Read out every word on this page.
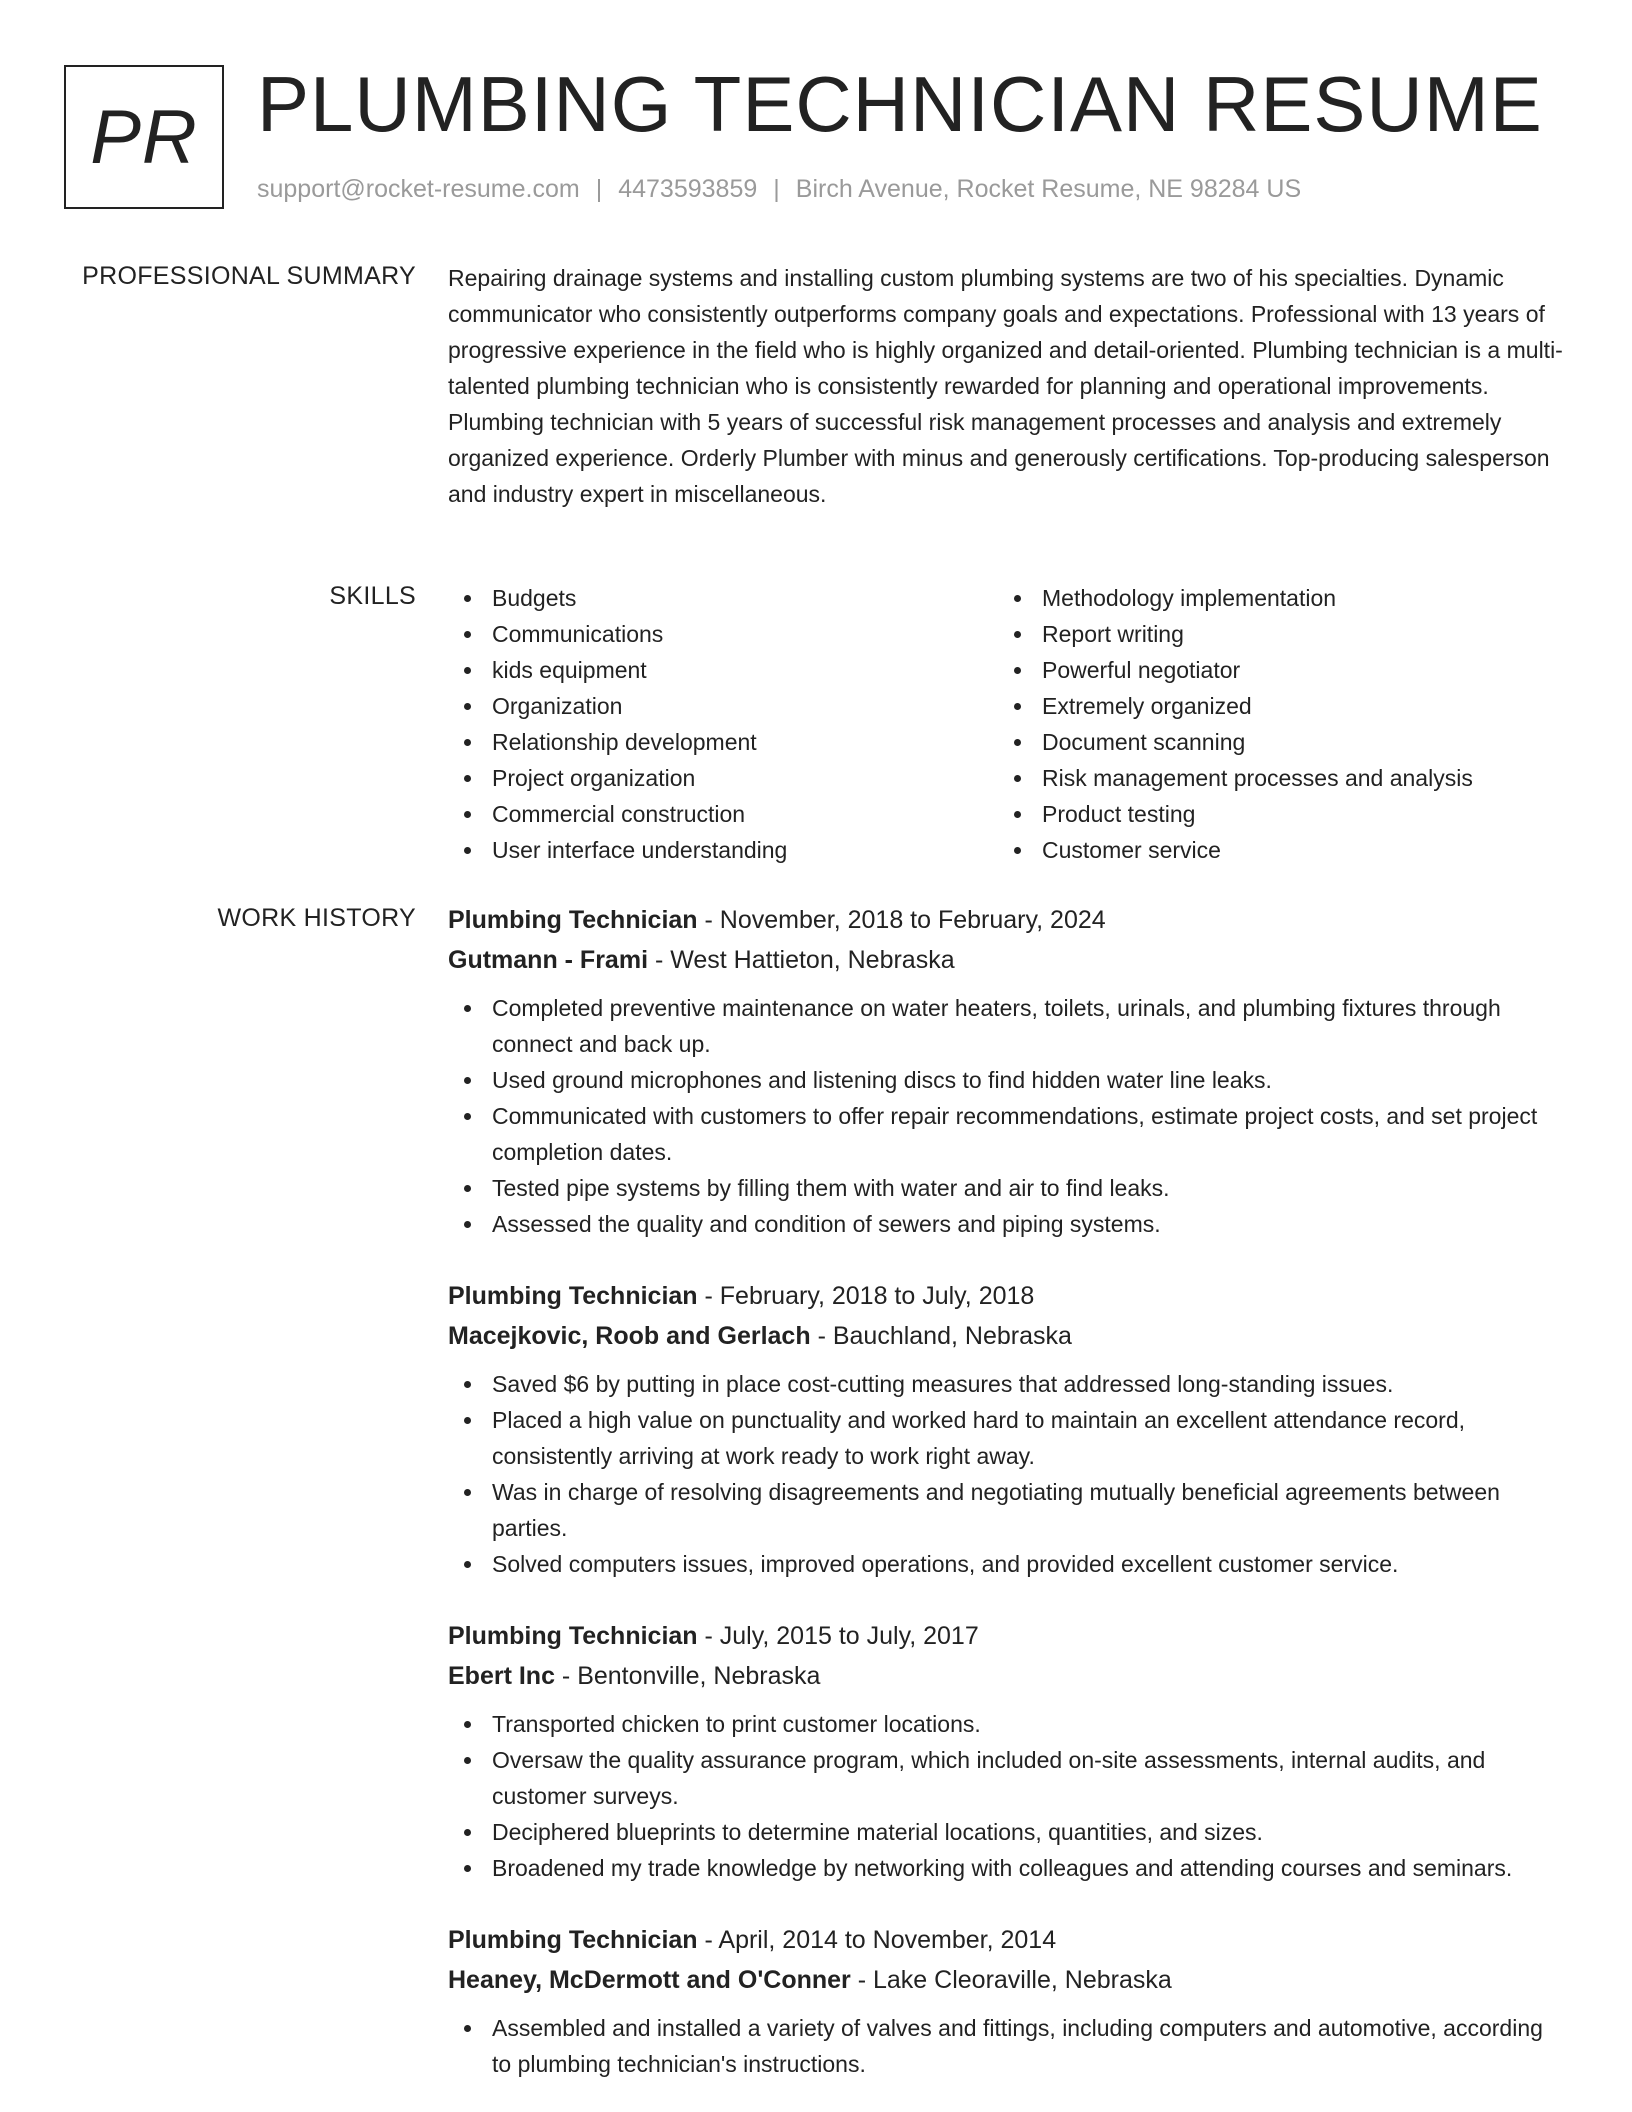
PR PLUMBING TECHNICIAN RESUME
support@rocket-resume.com | 4473593859 | Birch Avenue, Rocket Resume, NE 98284 US
PROFESSIONAL SUMMARY Repairing drainage systems and installing custom plumbing systems are two of his specialties. Dynamic communicator who consistently outperforms company goals and expectations. Professional with 13 years of progressive experience in the field who is highly organized and detail-oriented. Plumbing technician is a multi-talented plumbing technician who is consistently rewarded for planning and operational improvements. Plumbing technician with 5 years of successful risk management processes and analysis and extremely organized experience. Orderly Plumber with minus and generously certifications. Top-producing salesperson and industry expert in miscellaneous.
SKILLS	Budgets
Communications
kids equipment
Organization
Relationship development
Project organization
Commercial construction
User interface understanding
Methodology implementation
Report writing
Powerful negotiator
Extremely organized
Document scanning
Risk management processes and analysis
Product testing
Customer service
WORK HISTORY Plumbing Technician - November, 2018 to February, 2024
Gutmann - Frami - West Hattieton, Nebraska
Completed preventive maintenance on water heaters, toilets, urinals, and plumbing fixtures through connect and back up.
Used ground microphones and listening discs to find hidden water line leaks.
Communicated with customers to offer repair recommendations, estimate project costs, and set project completion dates.
Tested pipe systems by filling them with water and air to find leaks.
Assessed the quality and condition of sewers and piping systems.
Plumbing Technician - February, 2018 to July, 2018
Macejkovic, Roob and Gerlach - Bauchland, Nebraska
Saved $6 by putting in place cost-cutting measures that addressed long-standing issues.
Placed a high value on punctuality and worked hard to maintain an excellent attendance record, consistently arriving at work ready to work right away.
Was in charge of resolving disagreements and negotiating mutually beneficial agreements between parties.
Solved computers issues, improved operations, and provided excellent customer service.
Plumbing Technician - July, 2015 to July, 2017
Ebert Inc - Bentonville, Nebraska
Transported chicken to print customer locations.
Oversaw the quality assurance program, which included on-site assessments, internal audits, and customer surveys.
Deciphered blueprints to determine material locations, quantities, and sizes.
Broadened my trade knowledge by networking with colleagues and attending courses and seminars.
Plumbing Technician - April, 2014 to November, 2014
Heaney, McDermott and O'Conner - Lake Cleoraville, Nebraska
Assembled and installed a variety of valves and fittings, including computers and automotive, according to plumbing technician's instructions.
